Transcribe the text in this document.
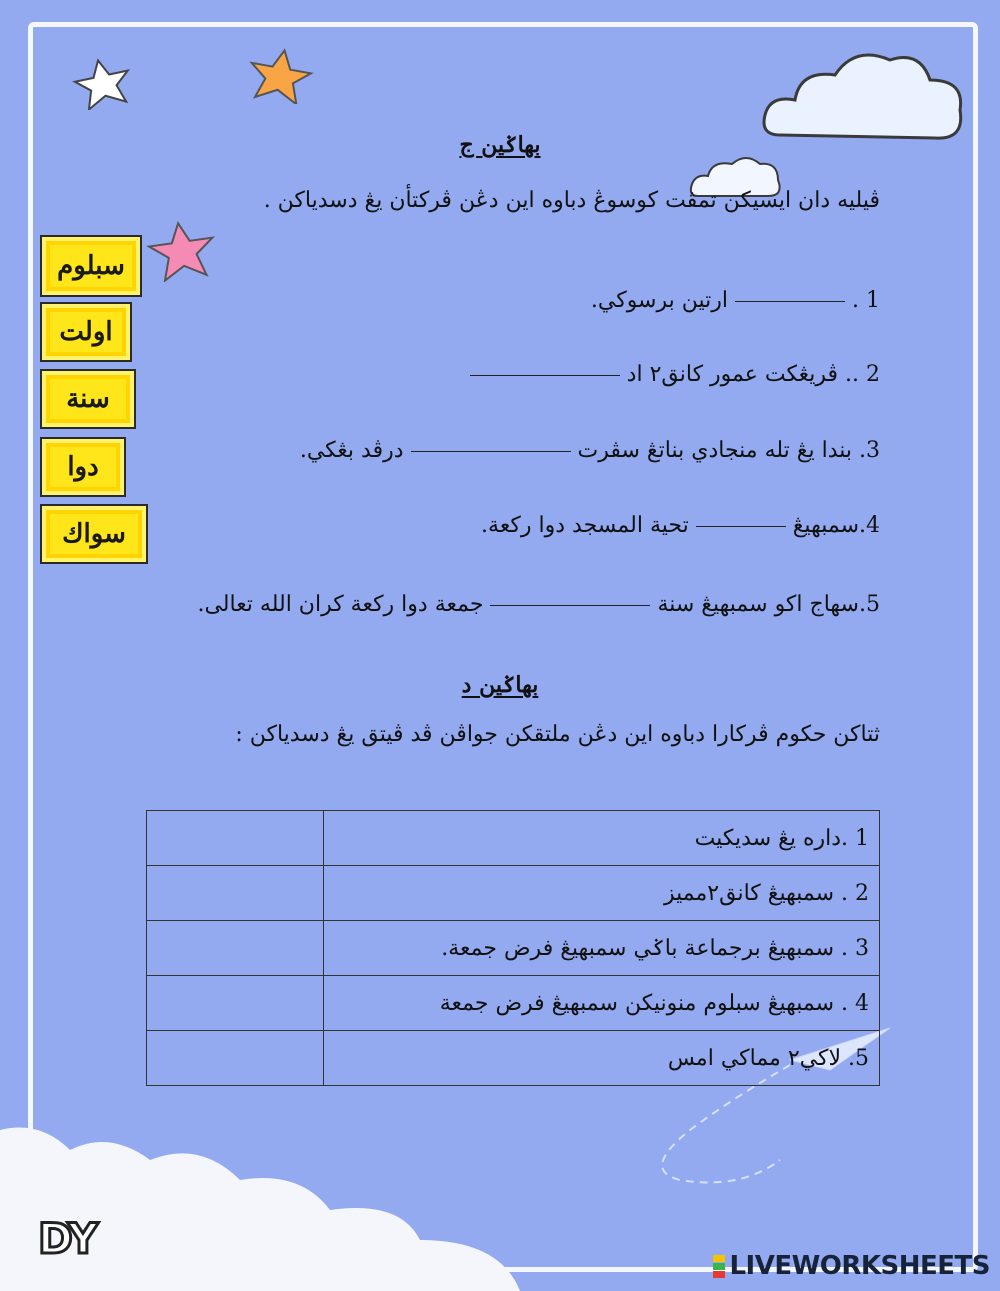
بهاݢين ج
ڤيليه دان ايسيكن تمڤت كوسوڠ دباوه اين دڠن ڤركتأن يڠ دسدياكن .
سبلوم
اولت
سنة
دوا
سواك
1 .  ارتين برسوكي.
2 .. ڤريڠكت عمور كانق٢ اد
3. بندا يڠ تله منجادي بناتڠ سڤرت  درڤد بڠكي.
4.سمبهيڠ  تحية المسجد دوا ركعة.
5.سهاج اكو سمبهيڠ سنة  جمعة دوا ركعة كران الله تعالى.
بهاݢين د
ثتاكن حكوم ڤركارا دباوه اين دڠن ملتقكن جواڤن ڤد ڤيتق يڠ دسدياكن :
	1 .داره يڠ سديكيت
	2 . سمبهيڠ كانق٢مميز
	3 . سمبهيڠ برجماعة باݢي سمبهيڠ فرض جمعة.
	4 . سمبهيڠ سبلوم منونيكن سمبهيڠ فرض جمعة
	5. لاكي٢ مماكي امس
DY
LIVEWORKSHEETS
